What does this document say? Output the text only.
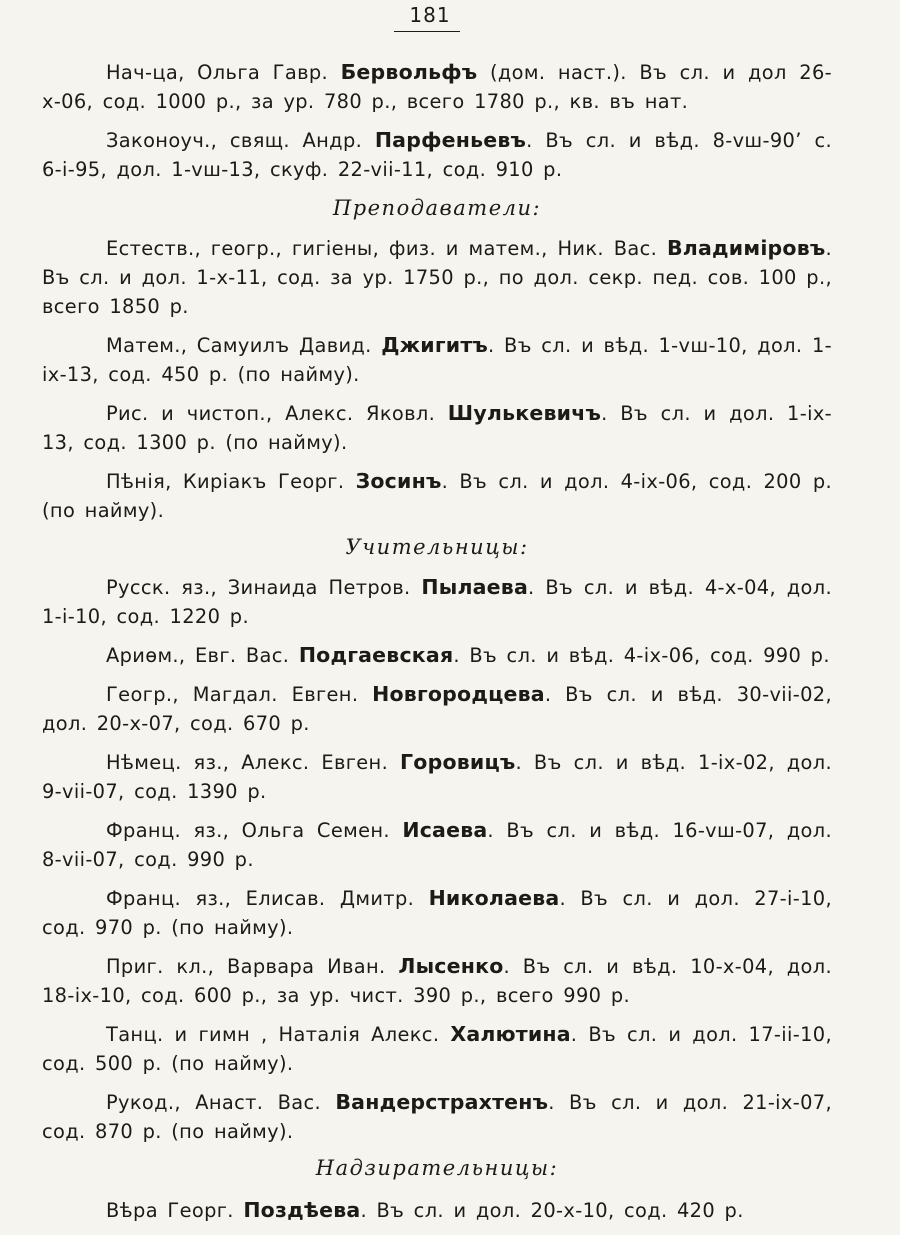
181

Нач-ца, Ольга Гавр. Бервольфъ (дом. наст.). Въ сл. и дол 26-х-06, сод. 1000 р., за ур. 780 р., всего 1780 р., кв. въ нат.

Законоуч., свящ. Андр. Парфеньевъ. Въ сл. и вѣд. 8-vш-90’ с. 6-i-95, дол. 1-vш-13, скуф. 22-vii-11, сод. 910 р.

Преподаватели:

Естеств., геогр., гигiены, физ. и матем., Ник. Вас. Владиміровъ. Въ сл. и дол. 1-х-11, сод. за ур. 1750 р., по дол. секр. пед. сов. 100 р., всего 1850 р.

Матем., Самуилъ Давид. Джигитъ. Въ сл. и вѣд. 1-vш-10, дол. 1-ix-13, сод. 450 р. (по найму).

Рис. и чистоп., Алекс. Яковл. Шулькевичъ. Въ сл. и дол. 1-ix-13, сод. 1300 р. (по найму).

Пѣнія, Киріакъ Георг. Зосинъ. Въ сл. и дол. 4-ix-06, сод. 200 р. (по найму).

Учительницы:

Русск. яз., Зинаида Петров. Пылаева. Въ сл. и вѣд. 4-х-04, дол. 1-i-10, сод. 1220 р.

Ариѳм., Евг. Вас. Подгаевская. Въ сл. и вѣд. 4-ix-06, сод. 990 р.

Геогр., Магдал. Евген. Новгородцева. Въ сл. и вѣд. 30-vii-02, дол. 20-х-07, сод. 670 р.

Нѣмец. яз., Алекс. Евген. Горовицъ. Въ сл. и вѣд. 1-ix-02, дол. 9-vii-07, сод. 1390 р.

Франц. яз., Ольга Семен. Исаева. Въ сл. и вѣд. 16-vш-07, дол. 8-vii-07, сод. 990 р.

Франц. яз., Елисав. Дмитр. Николаева. Въ сл. и дол. 27-i-10, сод. 970 р. (по найму).

Приг. кл., Варвара Иван. Лысенко. Въ сл. и вѣд. 10-х-04, дол. 18-ix-10, сод. 600 р., за ур. чист. 390 р., всего 990 р.

Танц. и гимн , Наталія Алекс. Халютина. Въ сл. и дол. 17-ii-10, сод. 500 р. (по найму).

Рукод., Анаст. Вас. Вандерстрахтенъ. Въ сл. и дол. 21-ix-07, сод. 870 р. (по найму).

Надзирательницы:

Вѣра Георг. Поздѣева. Въ сл. и дол. 20-х-10, сод. 420 р.
